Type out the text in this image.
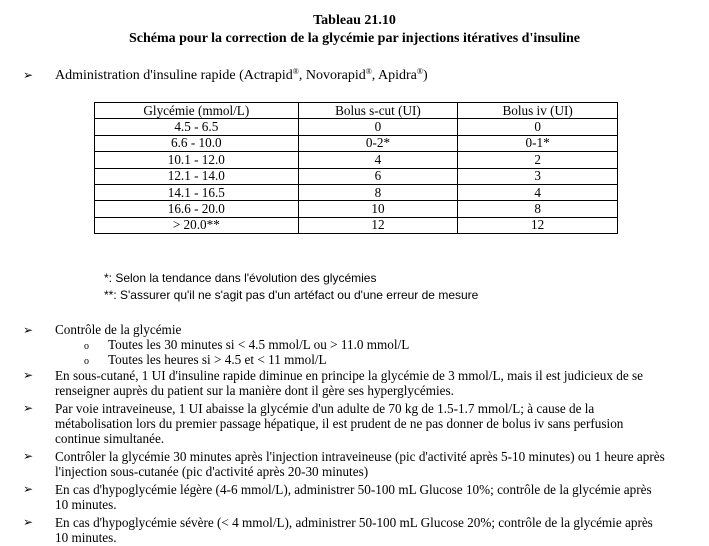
Tableau 21.10
Schéma pour la correction de la glycémie par injections itératives d'insuline
➢ Administration d'insuline rapide (Actrapid®, Novorapid®, Apidra®)
Glycémie (mmol/L)	Bolus s-cut (UI)	Bolus iv (UI)
4.5 - 6.5	0	0
6.6 - 10.0	0-2*	0-1*
10.1 - 12.0	4	2
12.1 - 14.0	6	3
14.1 - 16.5	8	4
16.6 - 20.0	10	8
> 20.0**	12	12
*: Selon la tendance dans l'évolution des glycémies
**: S'assurer qu'il ne s'agit pas d'un artéfact ou d'une erreur de mesure
➢ Contrôle de la glycémie
o Toutes les 30 minutes si < 4.5 mmol/L ou > 11.0 mmol/L
o Toutes les heures si > 4.5 et < 11 mmol/L
➢ En sous-cutané, 1 UI d'insuline rapide diminue en principe la glycémie de 3 mmol/L, mais il est judicieux de se
renseigner auprès du patient sur la manière dont il gère ses hyperglycémies.
➢ Par voie intraveineuse, 1 UI abaisse la glycémie d'un adulte de 70 kg de 1.5-1.7 mmol/L; à cause de la
métabolisation lors du premier passage hépatique, il est prudent de ne pas donner de bolus iv sans perfusion
continue simultanée.
➢ Contrôler la glycémie 30 minutes après l'injection intraveineuse (pic d'activité après 5-10 minutes) ou 1 heure après
l'injection sous-cutanée (pic d'activité après 20-30 minutes)
➢ En cas d'hypoglycémie légère (4-6 mmol/L), administrer 50-100 mL Glucose 10%; contrôle de la glycémie après
10 minutes.
➢ En cas d'hypoglycémie sévère (< 4 mmol/L), administrer 50-100 mL Glucose 20%; contrôle de la glycémie après
10 minutes.
